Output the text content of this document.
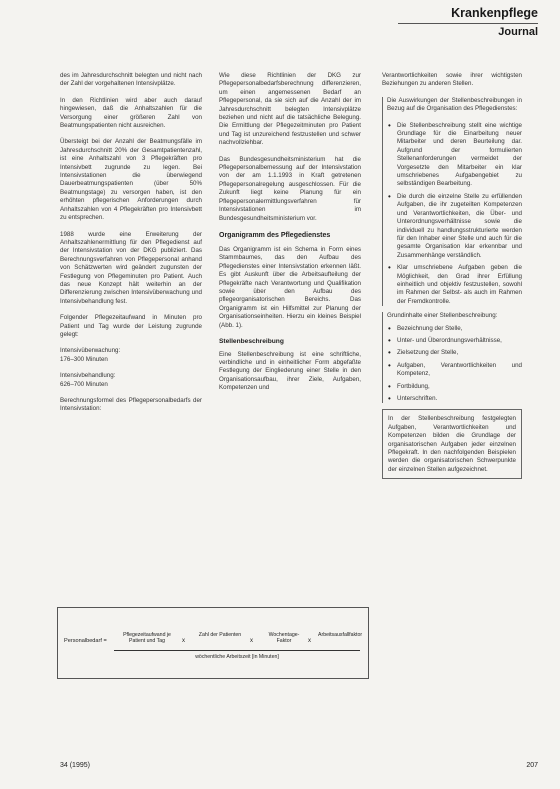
Krankenpflege
Journal

des im Jahresdurchschnitt belegten und nicht nach der Zahl der vorgehaltenen Intensivplätze.

In den Richtlinien wird aber auch darauf hingewiesen, daß die Anhaltszahlen für die Versorgung einer größeren Zahl von Beatmungspatienten nicht ausreichen.

Übersteigt bei der Anzahl der Beatmungsfälle im Jahresdurchschnitt 20% der Gesamtpatientenzahl, ist eine Anhaltszahl von 3 Pflegekräften pro Intensivbett zugrunde zu legen. Bei Intensivstationen die überwiegend Dauerbeatmungspatienten (über 50% Beatmungstage) zu versorgen haben, ist den erhöhten pflegerischen Anforderungen durch Anhaltszahlen von 4 Pflegekräften pro Intensivbett zu entsprechen.

1988 wurde eine Erweiterung der Anhaltszahlenermittlung für den Pflegedienst auf der Intensivstation von der DKG publiziert. Das Berechnungsverfahren von Pflegepersonal anhand von Schätzwerten wird geändert zugunsten der Festlegung von Pflegeminuten pro Patient. Auch das neue Konzept hält weiterhin an der Differenzierung zwischen Intensivüberwachung und Intensivbehandlung fest.

Folgender Pflegezeitaufwand in Minuten pro Patient und Tag wurde der Leistung zugrunde gelegt:

Intensivüberwachung:
176–300 Minuten

Intensivbehandlung:
626–700 Minuten

Berechnungsformel des Pflegepersonalbedarfs der Intensivstation:

Wie diese Richtlinien der DKG zur Pflegepersonalbedarfsberechnung differenzieren, um einen angemessenen Bedarf an Pflegepersonal, da sie sich auf die Anzahl der im Jahresdurchschnitt belegten Intensivplätze beziehen und nicht auf die tatsächliche Belegung. Die Ermittlung der Pflegezeitminuten pro Patient und Tag ist unzureichend festzustellen und schwer nachvollziehbar.

Das Bundesgesundheitsministerium hat die Pflegepersonalbemessung auf der Intensivstation von der am 1.1.1993 in Kraft getretenen Pflegepersonalregelung ausgeschlossen. Für die Zukunft liegt keine Planung für ein Pflegepersonalermittlungsverfahren für Intensivstationen im Bundesgesundheitsministerium vor.

Organigramm des Pflegedienstes

Das Organigramm ist ein Schema in Form eines Stammbaumes, das den Aufbau des Pflegedienstes einer Intensivstation erkennen läßt. Es gibt Auskunft über die Arbeitsaufteilung der Pflegekräfte nach Verantwortung und Qualifikation sowie über den Aufbau des pflegeorganisatorischen Bereichs. Das Organigramm ist ein Hilfsmittel zur Planung der Organisationseinheiten. Hierzu ein kleines Beispiel (Abb. 1).

Stellenbeschreibung

Eine Stellenbeschreibung ist eine schriftliche, verbindliche und in einheitlicher Form abgefaßte Festlegung der Eingliederung einer Stelle in den Organisationsaufbau, ihrer Ziele, Aufgaben, Kompetenzen und

Verantwortlichkeiten sowie ihrer wichtigsten Beziehungen zu anderen Stellen.

Die Auswirkungen der Stellenbeschreibungen in Bezug auf die Organisation des Pflegedienstes:

• Die Stellenbeschreibung stellt eine wichtige Grundlage für die Einarbeitung neuer Mitarbeiter und deren Beurteilung dar. Aufgrund der formulierten Stellenanforderungen vermeidet der Vorgesetzte den Mitarbeiter ein klar umschriebenes Aufgabengebiet zu selbständigen Bearbeitung.
• Die durch die einzelne Stelle zu erfüllenden Aufgaben, die ihr zugeteilten Kompetenzen und Verantwortlichkeiten, die Über- und Unterordnungsverhältnisse sowie die individuell zu handlungsstrukturierte werden für den Inhaber einer Stelle und auch für die gesamte Organisation klar erkennbar und Zusammenhänge verständlich.
• Klar umschriebene Aufgaben geben die Möglichkeit, den Grad ihrer Erfüllung einheitlich und objektiv festzustellen, sowohl im Rahmen der Selbst- als auch im Rahmen der Fremdkontrolle.

Grundinhalte einer Stellenbeschreibung:

• Bezeichnung der Stelle,
• Unter- und Überordnungsverhältnisse,
• Zielsetzung der Stelle,
• Aufgaben, Verantwortlichkeiten und Kompetenz,
• Fortbildung,
• Unterschriften.

In der Stellenbeschreibung festgelegten Aufgaben, Verantwortlichkeiten und Kompetenzen bilden die Grundlage der organisatorischen Aufgaben jeder einzelnen Pflegekraft. In den nachfolgenden Beispielen werden die organisatorischen Schwerpunkte der einzelnen Stellen aufgezeichnet.

Personalbedarf =
Pflegezeitaufwand je Patient und Tag	x
Zahl der Patienten
x
Wochentage-Faktor	x
Arbeitsausfallfaktor
wöchentliche Arbeitszeit [in Minuten]
34 (1995)	207
